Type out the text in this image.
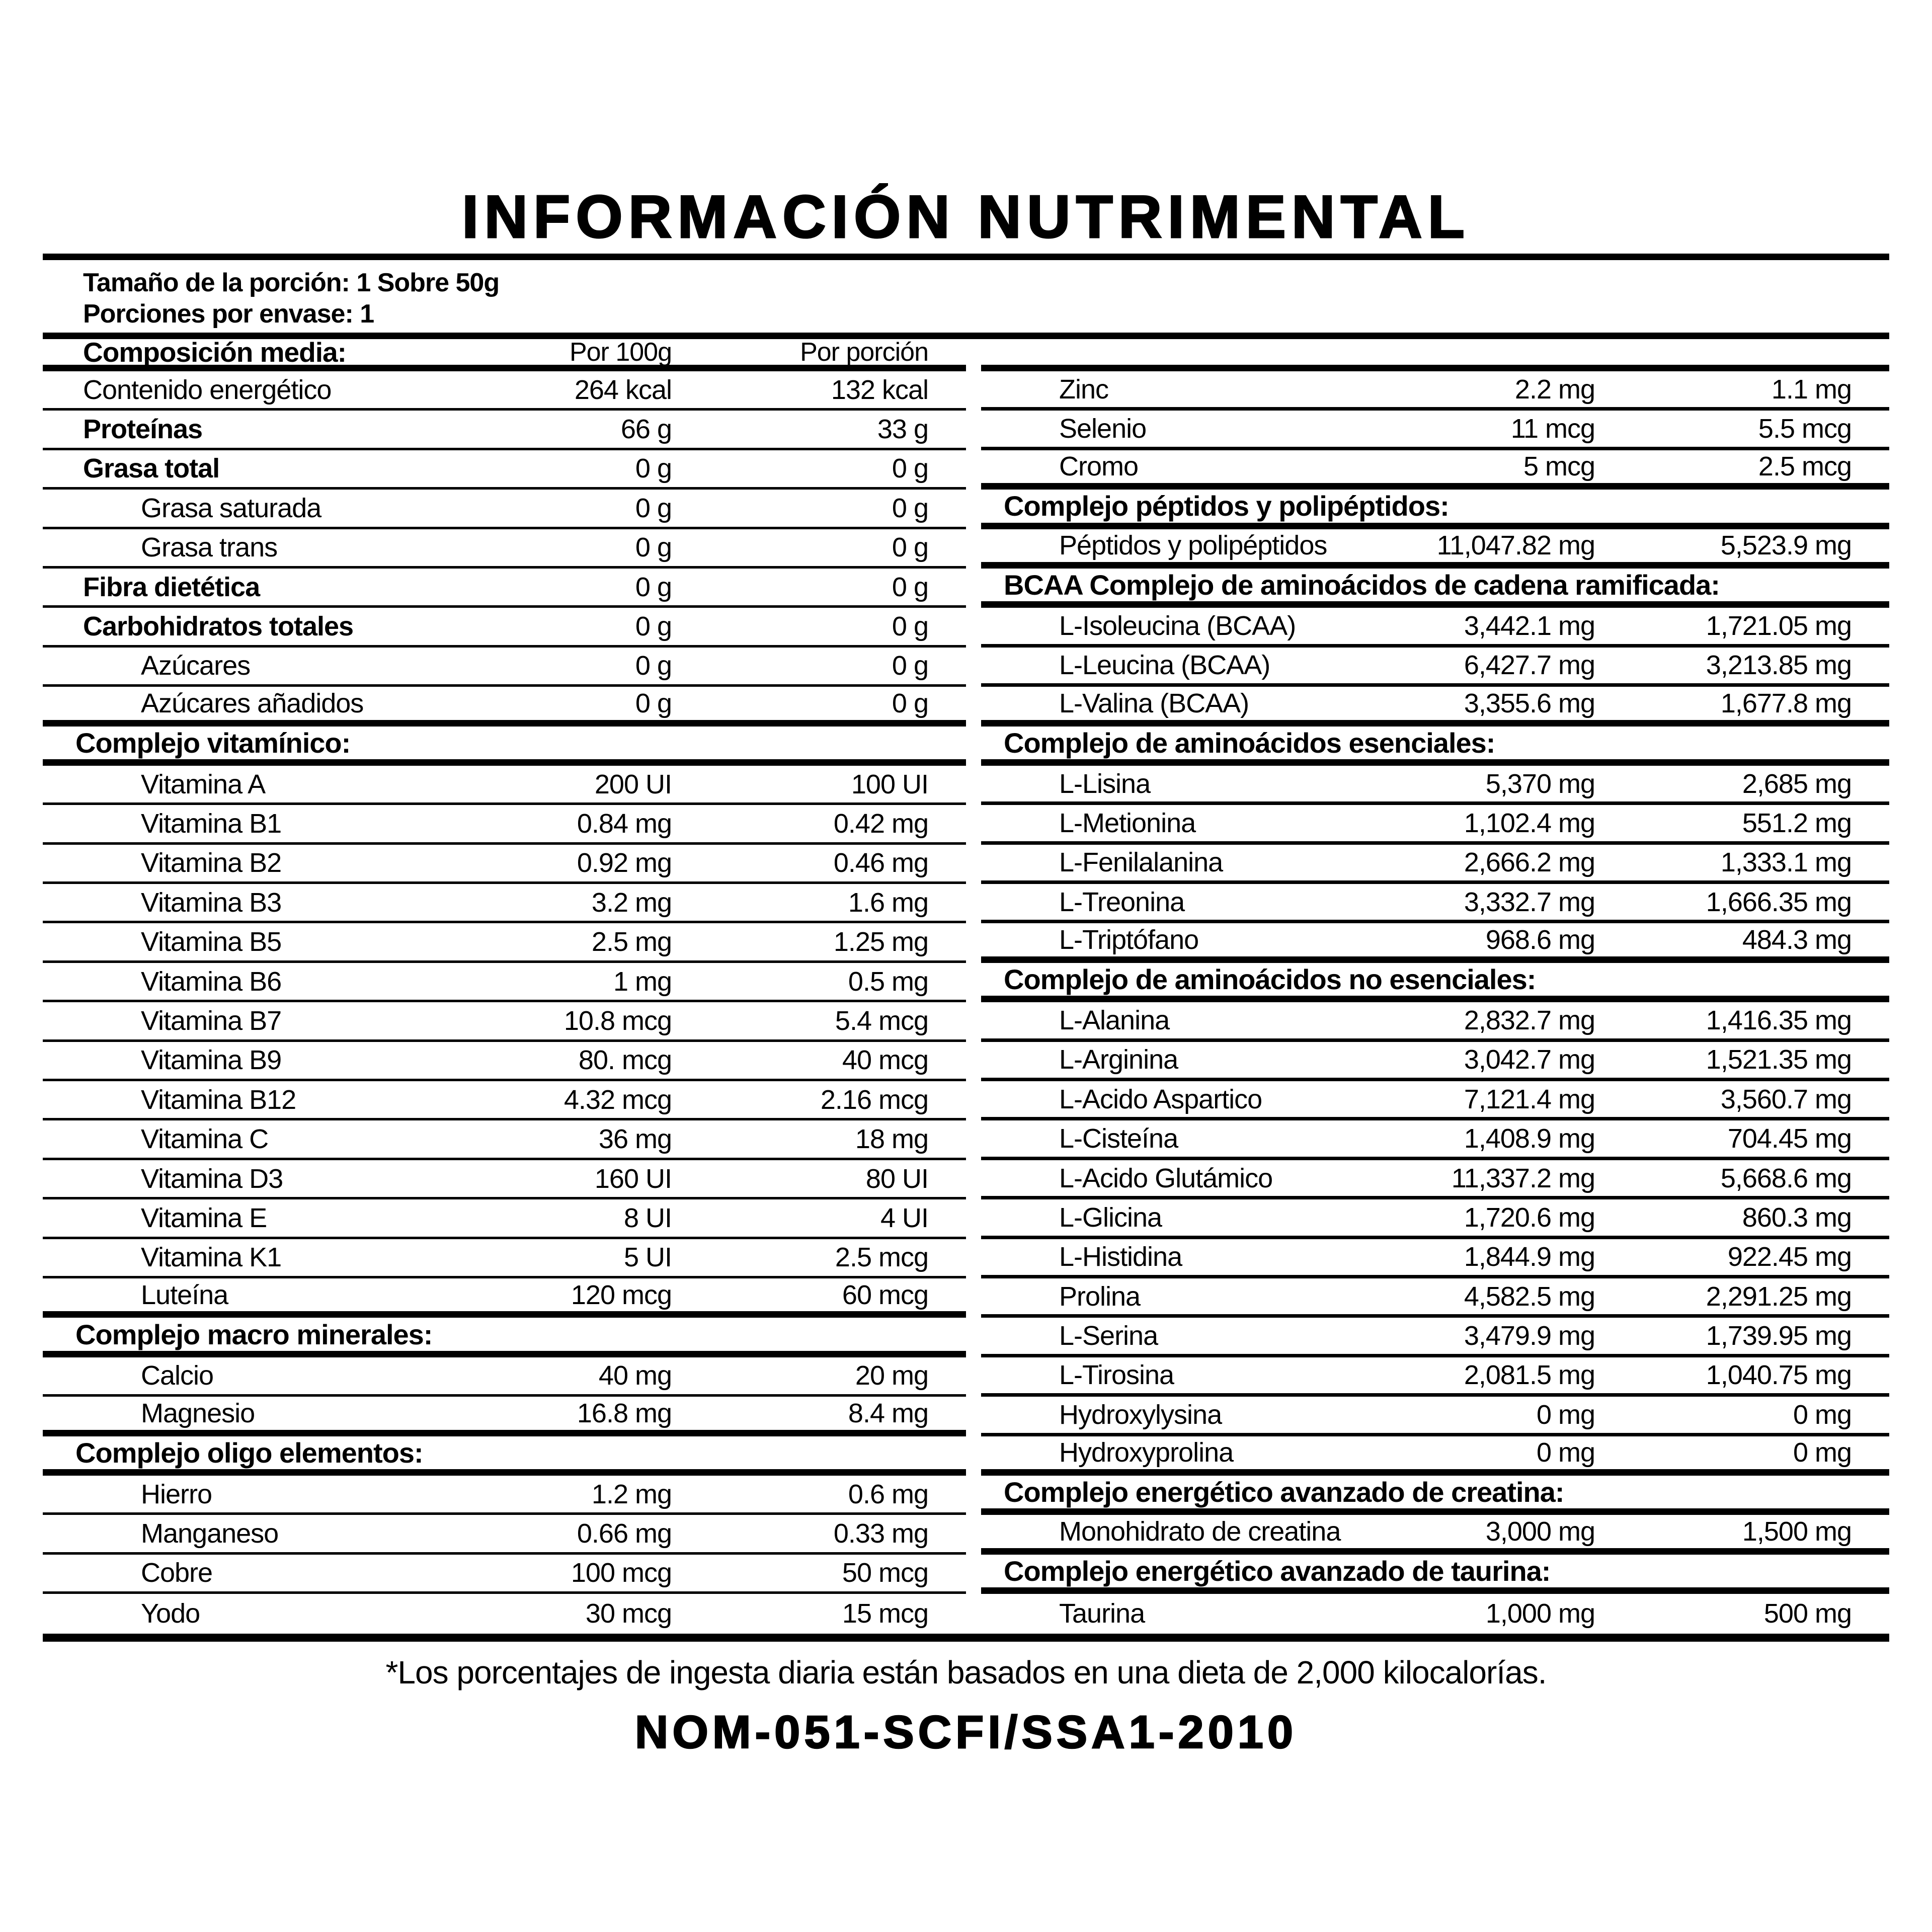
INFORMACIÓN NUTRIMENTAL
Tamaño de la porción: 1 Sobre 50g
Porciones por envase: 1
Composición media:	Por 100g	Por porción
Contenido energético	264 kcal	132 kcal
Proteínas	66 g	33 g
Grasa total	0 g	0 g
Grasa saturada	0 g	0 g
Grasa trans	0 g	0 g
Fibra dietética	0 g	0 g
Carbohidratos totales	0 g	0 g
Azúcares	0 g	0 g
Azúcares añadidos	0 g	0 g
Complejo vitamínico:
Vitamina A	200 UI	100 UI
Vitamina B1	0.84 mg	0.42 mg
Vitamina B2	0.92 mg	0.46 mg
Vitamina B3	3.2 mg	1.6 mg
Vitamina B5	2.5 mg	1.25 mg
Vitamina B6	1 mg	0.5 mg
Vitamina B7	10.8 mcg	5.4 mcg
Vitamina B9	80. mcg	40 mcg
Vitamina B12	4.32 mcg	2.16 mcg
Vitamina C	36 mg	18 mg
Vitamina D3	160 UI	80 UI
Vitamina E	8 UI	4 UI
Vitamina K1	5 UI	2.5 mcg
Luteína	120 mcg	60 mcg
Complejo macro minerales:
Calcio	40 mg	20 mg
Magnesio	16.8 mg	8.4 mg
Complejo oligo elementos:
Hierro	1.2 mg	0.6 mg
Manganeso	0.66 mg	0.33 mg
Cobre	100 mcg	50 mcg
Yodo	30 mcg	15 mcg
Zinc	2.2 mg	1.1 mg
Selenio	11 mcg	5.5 mcg
Cromo	5 mcg	2.5 mcg
Complejo péptidos y polipéptidos:
Péptidos y polipéptidos	11,047.82 mg	5,523.9 mg
BCAA Complejo de aminoácidos de cadena ramificada:
L-Isoleucina (BCAA)	3,442.1 mg	1,721.05 mg
L-Leucina (BCAA)	6,427.7 mg	3,213.85 mg
L-Valina (BCAA)	3,355.6 mg	1,677.8 mg
Complejo de aminoácidos esenciales:
L-Lisina	5,370 mg	2,685 mg
L-Metionina	1,102.4 mg	551.2 mg
L-Fenilalanina	2,666.2 mg	1,333.1 mg
L-Treonina	3,332.7 mg	1,666.35 mg
L-Triptófano	968.6 mg	484.3 mg
Complejo de aminoácidos no esenciales:
L-Alanina	2,832.7 mg	1,416.35 mg
L-Arginina	3,042.7 mg	1,521.35 mg
L-Acido Aspartico	7,121.4 mg	3,560.7 mg
L-Cisteína	1,408.9 mg	704.45 mg
L-Acido Glutámico	11,337.2 mg	5,668.6 mg
L-Glicina	1,720.6 mg	860.3 mg
L-Histidina	1,844.9 mg	922.45 mg
Prolina	4,582.5 mg	2,291.25 mg
L-Serina	3,479.9 mg	1,739.95 mg
L-Tirosina	2,081.5 mg	1,040.75 mg
Hydroxylysina	0 mg	0 mg
Hydroxyprolina	0 mg	0 mg
Complejo energético avanzado de creatina:
Monohidrato de creatina	3,000 mg	1,500 mg
Complejo energético avanzado de taurina:
Taurina	1,000 mg	500 mg
*Los porcentajes de ingesta diaria están basados en una dieta de 2,000 kilocalorías.
NOM-051-SCFI/SSA1-2010
